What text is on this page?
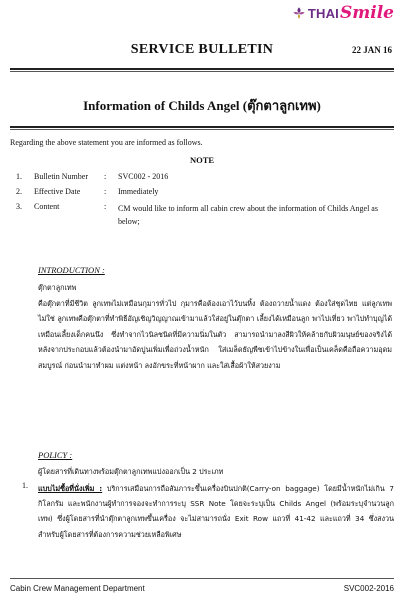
THAI Smile
SERVICE BULLETIN	22 JAN 16
Information of Childs Angel (ตุ๊กตาลูกเทพ)
Regarding the above statement you are informed as follows.
NOTE
1.	Bulletin Number	:	SVC002 - 2016
2.	Effective Date	:	Immediately
3.	Content	:	CM would like to inform all cabin crew about the information of Childs Angel as below;
INTRODUCTION :
ตุ๊กตาลูกเทพ
คือตุ๊กตาที่มีชีวิต ลูกเทพไม่เหมือนกุมารทั่วไป กุมารคือต้องเอาไว้บนหิ้ง ต้องถวายน้ำแดง ต้องใส่ชุดไทย แต่ลูกเทพไม่ใช่ ลูกเทพคือตุ๊กตาที่ทำพิธีอัญเชิญวิญญาณเข้ามาแล้วใส่อยู่ในตุ๊กตา เลี้ยงได้เหมือนลูก พาไปเที่ยว พาไปทำบุญได้เหมือนเลี้ยงเด็กคนนึง ซึ่งทำจากไวนิลชนิดที่มีความนิ่มในตัว สามารถนำมาลงสีผิวให้คล้ายกับผิวมนุษย์ของจริงได้ หลังจากประกอบแล้วต้องนำมาอัดปูนเพิ่มเพื่อถ่วงน้ำหนัก ใส่เมล็ดธัญพืชเข้าไปข้างในเพื่อเป็นเคล็ดคือถือความอุดมสมบูรณ์ ก่อนนำมาทำผม แต่งหน้า ลงอักขระที่หน้าผาก และใส่เสื้อผ้าให้สวยงาม
POLICY :
ผู้โดยสารที่เดินทางพร้อมตุ๊กตาลูกเทพแบ่งออกเป็น 2 ประเภท
1.	แบบไม่ซื้อที่นั่งเพิ่ม : บริการเสมือนการถือสัมภาระขึ้นเครื่องบินปกติ(Carry-on baggage) โดยมีน้ำหนักไม่เกิน 7 กิโลกรัม และพนักงานผู้ทำการจองจะทำการระบุ SSR Note โดยจะระบุเป็น Childs Angel (พร้อมระบุจำนวนลูกเทพ) ซึ่งผู้โดยสารที่นำตุ๊กตาลูกเทพขึ้นเครื่อง จะไม่สามารถนั่ง Exit Row แถวที่ 41-42 และแถวที่ 34 ซึ่งสงวนสำหรับผู้โดยสารที่ต้องการความช่วยเหลือพิเศษ
Cabin Crew Management Department	SVC002-2016
